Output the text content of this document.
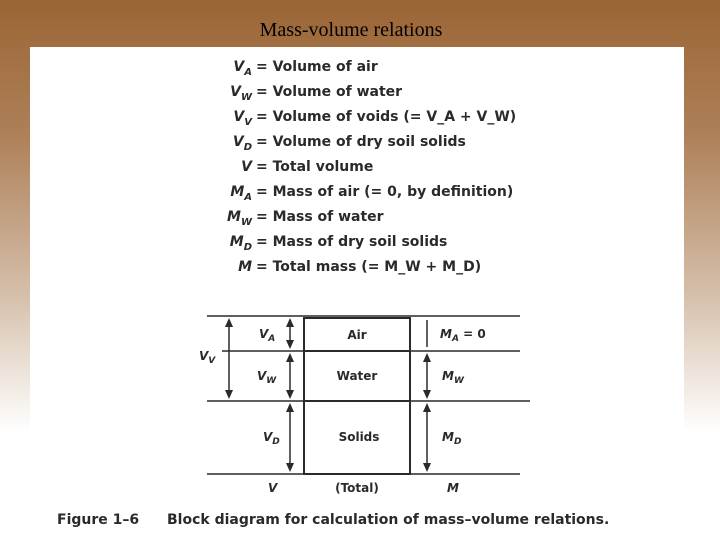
Mass-volume relations
$V_A$ = Volume of air
$V_W$ = Volume of water
$V_V$ = Volume of voids (= V_A + V_W)
$V_D$ = Volume of dry soil solids
V = Total volume
$M_A$ = Mass of air (= 0, by definition)
$M_W$ = Mass of water
$M_D$ = Mass of dry soil solids
M = Total mass (= M_W + M_D)
Air
Water
Solids
(Total)
$V_V$
$V_A$
$V_W$
$V_D$
V
$M_A = 0$
$M_W$
$M_D$
M
Figure 1–6 Block diagram for calculation of mass–volume relations.
